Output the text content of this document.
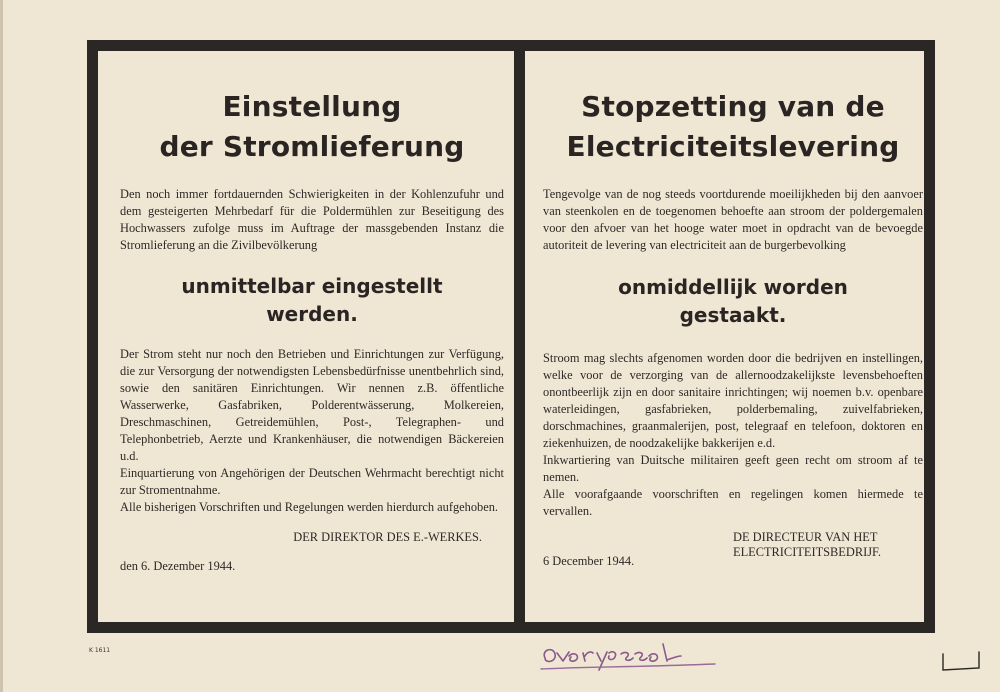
Einstellung
der Stromlieferung

Den noch immer fortdauernden Schwierigkeiten in der Kohlenzufuhr und dem gesteigerten Mehrbedarf für die Poldermühlen zur Beseitigung des Hochwassers zufolge muss im Auftrage der massgebenden Instanz die Stromlieferung an die Zivilbevölkerung

unmittelbar eingestellt
werden.
Der Strom steht nur noch den Betrieben und Einrichtungen zur Verfügung, die zur Versorgung der notwendigsten Lebensbedürfnisse unentbehrlich sind, sowie den sanitären Einrichtungen. Wir nennen z.B. öffentliche Wasserwerke, Gasfabriken, Polderentwässerung, Molkereien, Dreschmaschinen, Getreidemühlen, Post-, Telegraphen- und Telephonbetrieb, Aerzte und Krankenhäuser, die notwendigen Bäckereien u.d.
Einquartierung von Angehörigen der Deutschen Wehrmacht berechtigt nicht zur Stromentnahme.
Alle bisherigen Vorschriften und Regelungen werden hierdurch aufgehoben.

DER DIREKTOR DES E.-WERKES.

den 6. Dezember 1944.

Stopzetting van de
Electriciteitslevering

Tengevolge van de nog steeds voortdurende moeilijkheden bij den aanvoer van steenkolen en de toegenomen behoefte aan stroom der poldergemalen voor den afvoer van het hooge water moet in opdracht van de bevoegde autoriteit de levering van electriciteit aan de burgerbevolking

onmiddellijk worden
gestaakt.
Stroom mag slechts afgenomen worden door die bedrijven en instellingen, welke voor de verzorging van de allernoodzakelijkste levensbehoeften onontbeerlijk zijn en door sanitaire inrichtingen; wij noemen b.v. openbare waterleidingen, gasfabrieken, polderbemaling, zuivelfabrieken, dorschmachines, graanmalerijen, post, telegraaf en telefoon, doktoren en ziekenhuizen, de noodzakelijke bakkerijen e.d.
Inkwartiering van Duitsche militairen geeft geen recht om stroom af te nemen.
Alle voorafgaande voorschriften en regelingen komen hiermede te vervallen.
DE DIRECTEUR VAN HET
ELECTRICITEITSBEDRIJF.

6 December 1944.

K 1611
